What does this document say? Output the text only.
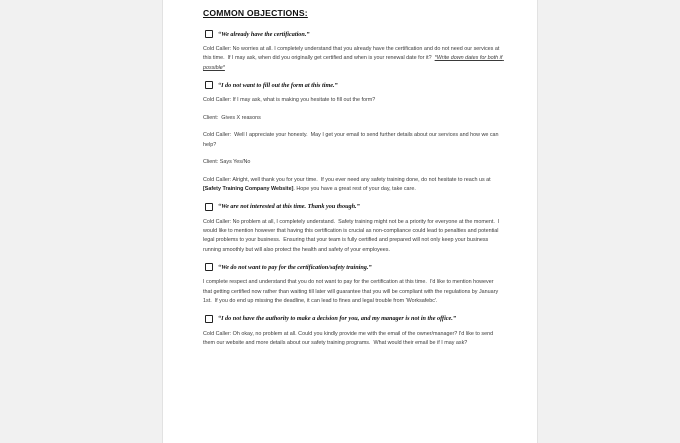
COMMON OBJECTIONS:
“We already have the certification.”

Cold Caller: No worries at all. I completely understand that you already have the certification and do not need our services at this time.  If I may ask, when did you originally get certified and when is your renewal date for it? *Write down dates for both if possible*

“I do not want to fill out the form at this time.”

Cold Caller: If I may ask, what is making you hesitate to fill out the form?

Client:  Gives X reasons

Cold Caller:  Well I appreciate your honesty.  May I get your email to send further details about our services and how we can help?

Client: Says Yes/No

Cold Caller: Alright, well thank you for your time.  If you ever need any safety training done, do not hesitate to reach us at [Safety Training Company Website]. Hope you have a great rest of your day, take care.

“We are not interested at this time. Thank you though.”

Cold Caller: No problem at all, I completely understand.  Safety training might not be a priority for everyone at the moment.  I would like to mention however that having this certification is crucial as non-compliance could lead to penalties and potential legal problems to your business.  Ensuring that your team is fully certified and prepared will not only keep your business running smoothly but will also protect the health and safety of your employees.

“We do not want to pay for the certification/safety training.”

I complete respect and understand that you do not want to pay for the certification at this time.  I'd like to mention however that getting certified now rather than waiting till later will guarantee that you will be compliant with the regulations by January 1st.  If you do end up missing the deadline, it can lead to fines and legal trouble from 'Worksafebc'.

“I do not have the authority to make a decision for you, and my manager is not in the office.”

Cold Caller: Oh okay, no problem at all. Could you kindly provide me with the email of the owner/manager? I'd like to send them our website and more details about our safety training programs.  What would their email be if I may ask?
